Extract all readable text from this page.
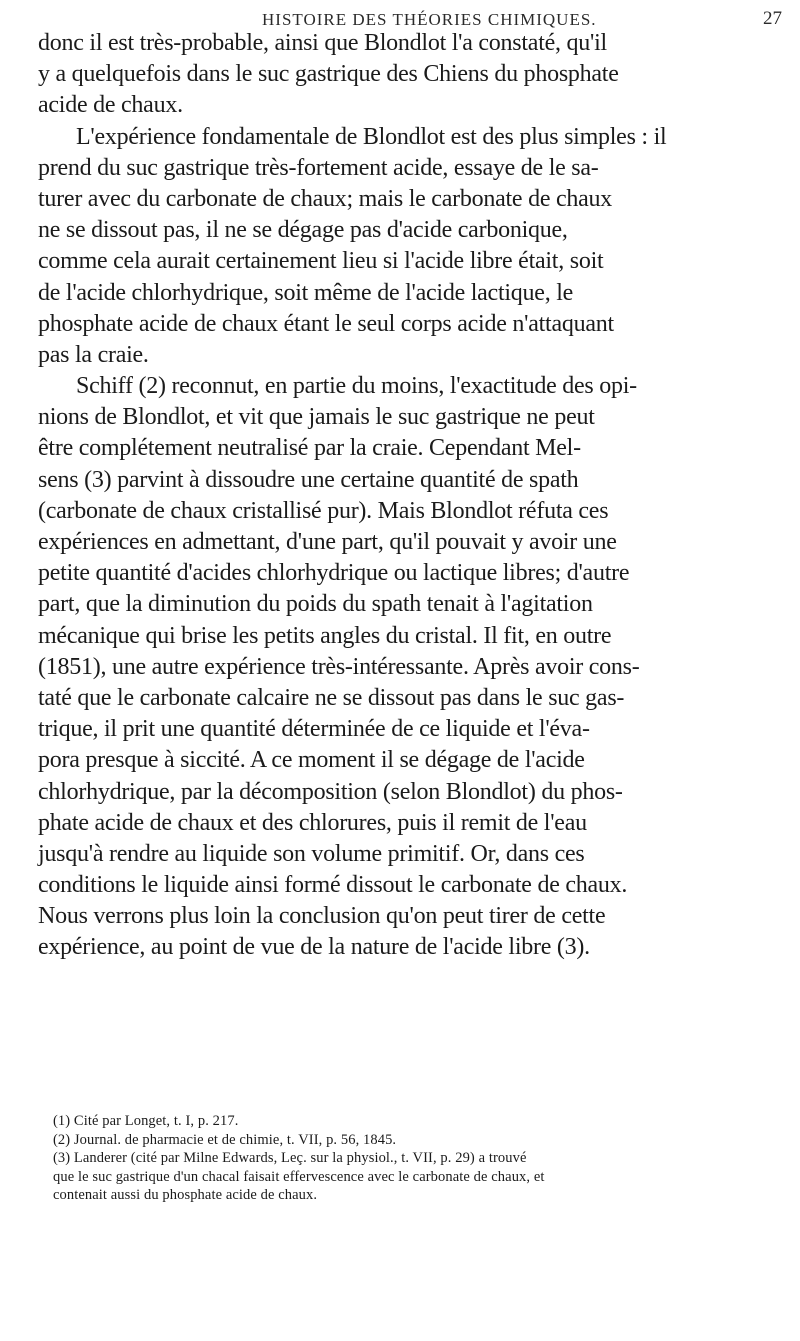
HISTOIRE DES THÉORIES CHIMIQUES.	27
donc il est très-probable, ainsi que Blondlot l'a constaté, qu'il
y a quelquefois dans le suc gastrique des Chiens du phosphate
acide de chaux.
L'expérience fondamentale de Blondlot est des plus simples : il
prend du suc gastrique très-fortement acide, essaye de le sa-
turer avec du carbonate de chaux; mais le carbonate de chaux
ne se dissout pas, il ne se dégage pas d'acide carbonique,
comme cela aurait certainement lieu si l'acide libre était, soit
de l'acide chlorhydrique, soit même de l'acide lactique, le
phosphate acide de chaux étant le seul corps acide n'attaquant
pas la craie.
Schiff (2) reconnut, en partie du moins, l'exactitude des opi-
nions de Blondlot, et vit que jamais le suc gastrique ne peut
être complétement neutralisé par la craie. Cependant Mel-
sens (3) parvint à dissoudre une certaine quantité de spath
(carbonate de chaux cristallisé pur). Mais Blondlot réfuta ces
expériences en admettant, d'une part, qu'il pouvait y avoir une
petite quantité d'acides chlorhydrique ou lactique libres; d'autre
part, que la diminution du poids du spath tenait à l'agitation
mécanique qui brise les petits angles du cristal. Il fit, en outre
(1851), une autre expérience très-intéressante. Après avoir cons-
taté que le carbonate calcaire ne se dissout pas dans le suc gas-
trique, il prit une quantité déterminée de ce liquide et l'éva-
pora presque à siccité. A ce moment il se dégage de l'acide
chlorhydrique, par la décomposition (selon Blondlot) du phos-
phate acide de chaux et des chlorures, puis il remit de l'eau
jusqu'à rendre au liquide son volume primitif. Or, dans ces
conditions le liquide ainsi formé dissout le carbonate de chaux.
Nous verrons plus loin la conclusion qu'on peut tirer de cette
expérience, au point de vue de la nature de l'acide libre (3).
(1) Cité par Longet, t. I, p. 217.
(2) Journal. de pharmacie et de chimie, t. VII, p. 56, 1845.
(3) Landerer (cité par Milne Edwards, Leç. sur la physiol., t. VII, p. 29) a trouvé
que le suc gastrique d'un chacal faisait effervescence avec le carbonate de chaux, et
contenait aussi du phosphate acide de chaux.
